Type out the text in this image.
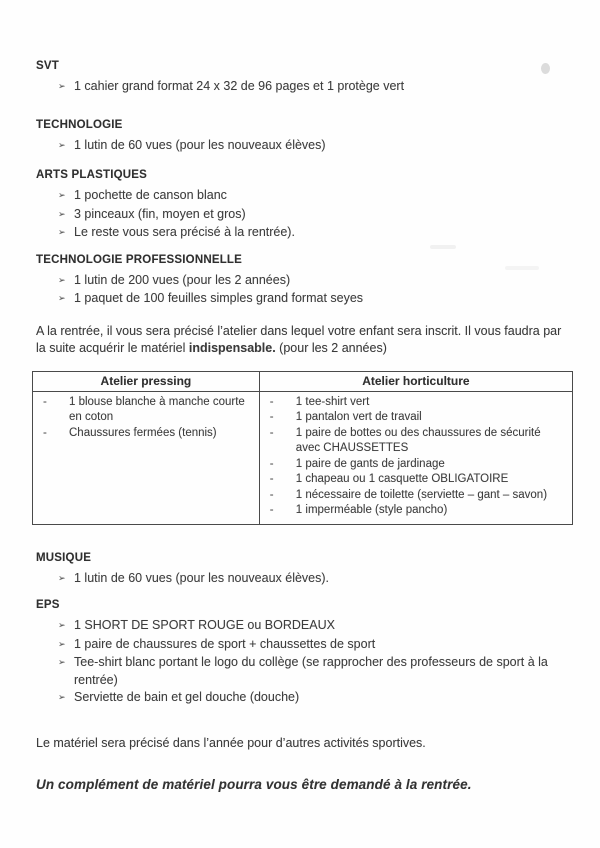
SVT
➢ 1 cahier grand format 24 x 32 de 96 pages et 1 protège vert
TECHNOLOGIE
➢ 1 lutin de 60 vues (pour les nouveaux élèves)
ARTS PLASTIQUES
➢ 1 pochette de canson blanc
➢ 3 pinceaux (fin, moyen et gros)
➢ Le reste vous sera précisé à la rentrée).
TECHNOLOGIE PROFESSIONNELLE
➢ 1 lutin de 200 vues (pour les 2 années)
➢ 1 paquet de 100 feuilles simples grand format seyes

A la rentrée, il vous sera précisé l’atelier dans lequel votre enfant sera inscrit. Il vous faudra par la suite acquérir le matériel indispensable. (pour les 2 années)

Atelier pressing	Atelier horticulture

-	1 blouse blanche à manche courte en coton
-	Chaussures fermées (tennis)

-	1 tee-shirt vert
-	1 pantalon vert de travail
-	1 paire de bottes ou des chaussures de sécurité avec CHAUSSETTES
-	1 paire de gants de jardinage
-	1 chapeau ou 1 casquette OBLIGATOIRE
-	1 nécessaire de toilette (serviette – gant – savon)
-	1 imperméable (style pancho)
MUSIQUE
➢ 1 lutin de 60 vues (pour les nouveaux élèves).
EPS
➢ 1 SHORT DE SPORT ROUGE ou BORDEAUX
➢ 1 paire de chaussures de sport + chaussettes de sport
➢ Tee-shirt blanc portant le logo du collège (se rapprocher des professeurs de sport à la rentrée)
➢ Serviette de bain et gel douche (douche)

Le matériel sera précisé dans l’année pour d’autres activités sportives.

Un complément de matériel pourra vous être demandé à la rentrée.
